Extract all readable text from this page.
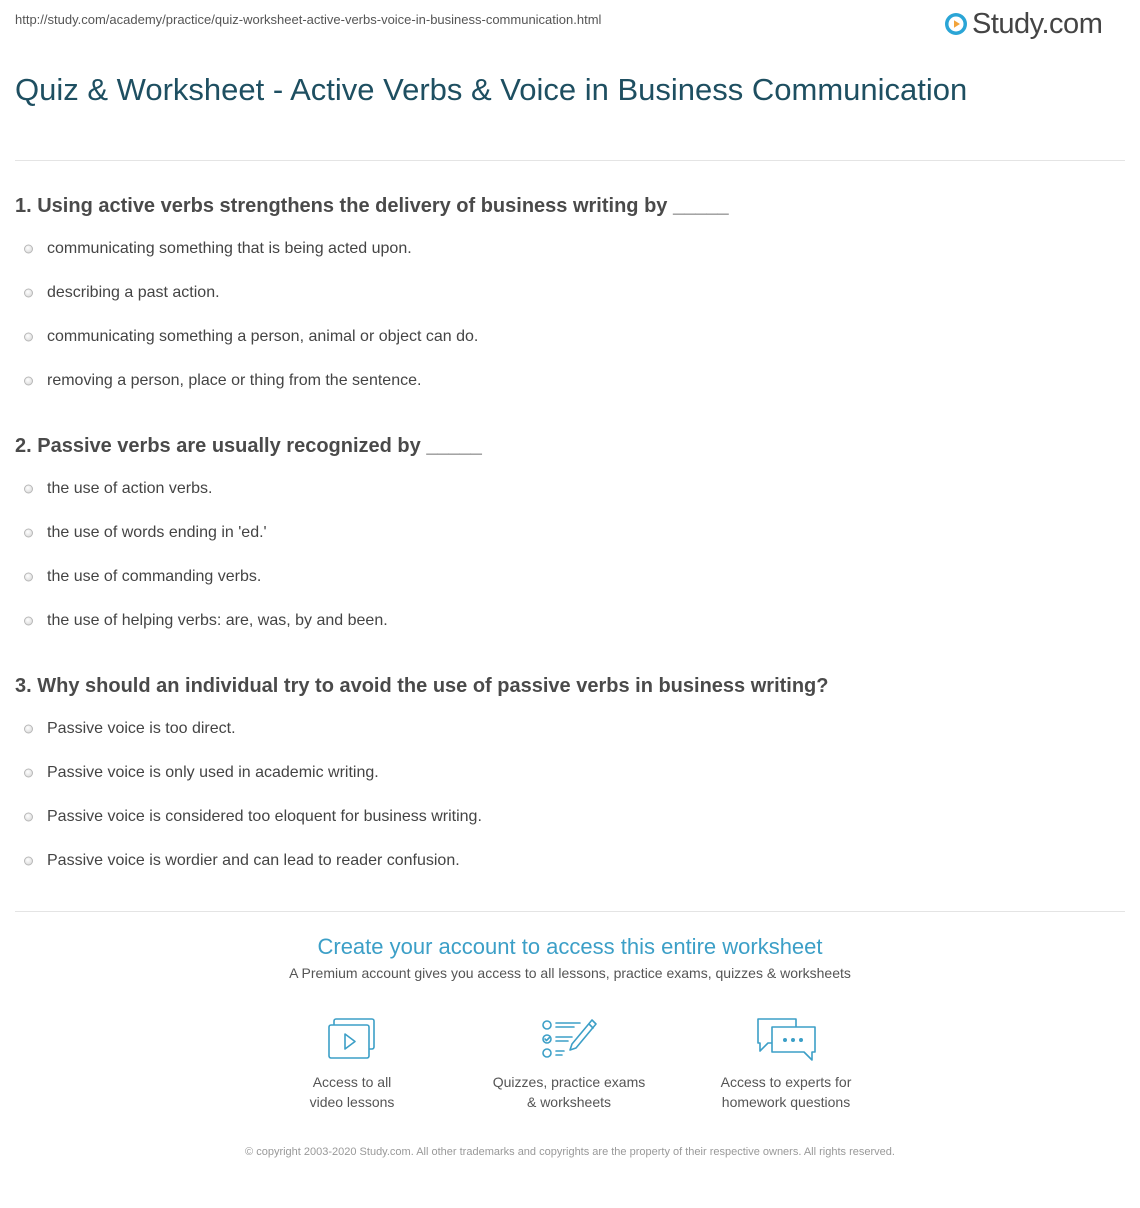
http://study.com/academy/practice/quiz-worksheet-active-verbs-voice-in-business-communication.html	Study.com
Quiz & Worksheet - Active Verbs & Voice in Business Communication

1. Using active verbs strengthens the delivery of business writing by _____

communicating something that is being acted upon.
describing a past action.
communicating something a person, animal or object can do.
removing a person, place or thing from the sentence.

2. Passive verbs are usually recognized by _____

the use of action verbs.
the use of words ending in 'ed.'
the use of commanding verbs.
the use of helping verbs: are, was, by and been.

3. Why should an individual try to avoid the use of passive verbs in business writing?

Passive voice is too direct.
Passive voice is only used in academic writing.
Passive voice is considered too eloquent for business writing.
Passive voice is wordier and can lead to reader confusion.

Create your account to access this entire worksheet

A Premium account gives you access to all lessons, practice exams, quizzes & worksheets

Access to all
video lessons
Quizzes, practice exams
& worksheets
Access to experts for
homework questions
© copyright 2003-2020 Study.com. All other trademarks and copyrights are the property of their respective owners. All rights reserved.
